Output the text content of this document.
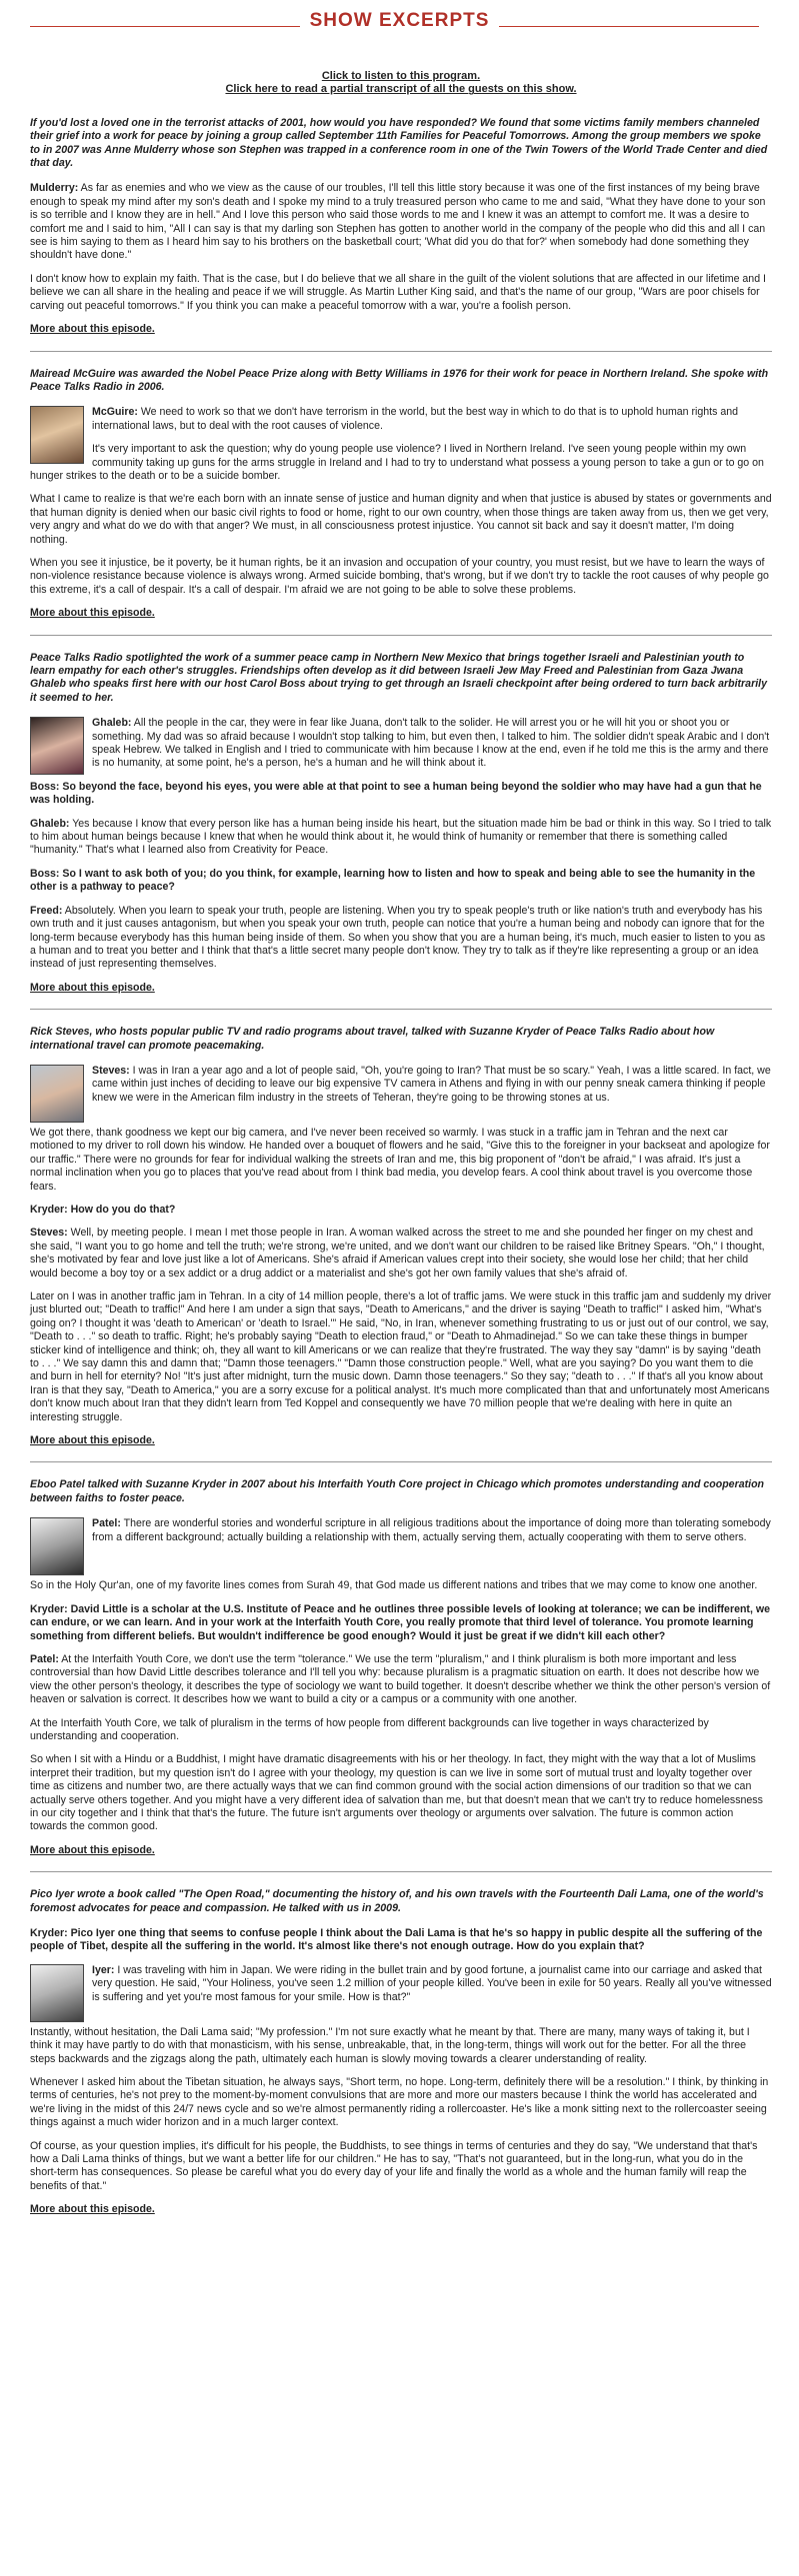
SHOW EXCERPTS
Click to listen to this program.
Click here to read a partial transcript of all the guests on this show.

If you'd lost a loved one in the terrorist attacks of 2001, how would you have responded? We found that some victims family members channeled their grief into a work for peace by joining a group called September 11th Families for Peaceful Tomorrows. Among the group members we spoke to in 2007 was Anne Mulderry whose son Stephen was trapped in a conference room in one of the Twin Towers of the World Trade Center and died that day.

Mulderry: As far as enemies and who we view as the cause of our troubles, I'll tell this little story because it was one of the first instances of my being brave enough to speak my mind after my son's death and I spoke my mind to a truly treasured person who came to me and said, "What they have done to your son is so terrible and I know they are in hell." And I love this person who said those words to me and I knew it was an attempt to comfort me. It was a desire to comfort me and I said to him, "All I can say is that my darling son Stephen has gotten to another world in the company of the people who did this and all I can see is him saying to them as I heard him say to his brothers on the basketball court; 'What did you do that for?' when somebody had done something they shouldn't have done."

I don't know how to explain my faith. That is the case, but I do believe that we all share in the guilt of the violent solutions that are affected in our lifetime and I believe we can all share in the healing and peace if we will struggle. As Martin Luther King said, and that's the name of our group, "Wars are poor chisels for carving out peaceful tomorrows." If you think you can make a peaceful tomorrow with a war, you're a foolish person.

More about this episode.

Mairead McGuire was awarded the Nobel Peace Prize along with Betty Williams in 1976 for their work for peace in Northern Ireland. She spoke with Peace Talks Radio in 2006.

McGuire: We need to work so that we don't have terrorism in the world, but the best way in which to do that is to uphold human rights and international laws, but to deal with the root causes of violence.

It's very important to ask the question; why do young people use violence? I lived in Northern Ireland. I've seen young people within my own community taking up guns for the arms struggle in Ireland and I had to try to understand what possess a young person to take a gun or to go on hunger strikes to the death or to be a suicide bomber.

What I came to realize is that we're each born with an innate sense of justice and human dignity and when that justice is abused by states or governments and that human dignity is denied when our basic civil rights to food or home, right to our own country, when those things are taken away from us, then we get very, very angry and what do we do with that anger? We must, in all consciousness protest injustice. You cannot sit back and say it doesn't matter, I'm doing nothing.

When you see it injustice, be it poverty, be it human rights, be it an invasion and occupation of your country, you must resist, but we have to learn the ways of non-violence resistance because violence is always wrong. Armed suicide bombing, that's wrong, but if we don't try to tackle the root causes of why people go this extreme, it's a call of despair. It's a call of despair. I'm afraid we are not going to be able to solve these problems.

More about this episode.

Peace Talks Radio spotlighted the work of a summer peace camp in Northern New Mexico that brings together Israeli and Palestinian youth to learn empathy for each other's struggles. Friendships often develop as it did between Israeli Jew May Freed and Palestinian from Gaza Jwana Ghaleb who speaks first here with our host Carol Boss about trying to get through an Israeli checkpoint after being ordered to turn back arbitrarily it seemed to her.

Ghaleb: All the people in the car, they were in fear like Juana, don't talk to the solider. He will arrest you or he will hit you or shoot you or something. My dad was so afraid because I wouldn't stop talking to him, but even then, I talked to him. The soldier didn't speak Arabic and I don't speak Hebrew. We talked in English and I tried to communicate with him because I know at the end, even if he told me this is the army and there is no humanity, at some point, he's a person, he's a human and he will think about it.

Boss: So beyond the face, beyond his eyes, you were able at that point to see a human being beyond the soldier who may have had a gun that he was holding.

Ghaleb: Yes because I know that every person like has a human being inside his heart, but the situation made him be bad or think in this way. So I tried to talk to him about human beings because I knew that when he would think about it, he would think of humanity or remember that there is something called "humanity." That's what I learned also from Creativity for Peace.

Boss: So I want to ask both of you; do you think, for example, learning how to listen and how to speak and being able to see the humanity in the other is a pathway to peace?

Freed: Absolutely. When you learn to speak your truth, people are listening. When you try to speak people's truth or like nation's truth and everybody has his own truth and it just causes antagonism, but when you speak your own truth, people can notice that you're a human being and nobody can ignore that for the long-term because everybody has this human being inside of them. So when you show that you are a human being, it's much, much easier to listen to you as a human and to treat you better and I think that that's a little secret many people don't know. They try to talk as if they're like representing a group or an idea instead of just representing themselves.

More about this episode.

Rick Steves, who hosts popular public TV and radio programs about travel, talked with Suzanne Kryder of Peace Talks Radio about how international travel can promote peacemaking.

Steves: I was in Iran a year ago and a lot of people said, "Oh, you're going to Iran? That must be so scary." Yeah, I was a little scared. In fact, we came within just inches of deciding to leave our big expensive TV camera in Athens and flying in with our penny sneak camera thinking if people knew we were in the American film industry in the streets of Teheran, they're going to be throwing stones at us.

We got there, thank goodness we kept our big camera, and I've never been received so warmly. I was stuck in a traffic jam in Tehran and the next car motioned to my driver to roll down his window. He handed over a bouquet of flowers and he said, "Give this to the foreigner in your backseat and apologize for our traffic." There were no grounds for fear for individual walking the streets of Iran and me, this big proponent of "don't be afraid," I was afraid. It's just a normal inclination when you go to places that you've read about from I think bad media, you develop fears. A cool think about travel is you overcome those fears.

Kryder: How do you do that?

Steves: Well, by meeting people. I mean I met those people in Iran. A woman walked across the street to me and she pounded her finger on my chest and she said, "I want you to go home and tell the truth; we're strong, we're united, and we don't want our children to be raised like Britney Spears. "Oh," I thought, she's motivated by fear and love just like a lot of Americans. She's afraid if American values crept into their society, she would lose her child; that her child would become a boy toy or a sex addict or a drug addict or a materialist and she's got her own family values that she's afraid of.

Later on I was in another traffic jam in Tehran. In a city of 14 million people, there's a lot of traffic jams. We were stuck in this traffic jam and suddenly my driver just blurted out; "Death to traffic!" And here I am under a sign that says, "Death to Americans," and the driver is saying "Death to traffic!" I asked him, "What's going on? I thought it was 'death to American' or 'death to Israel.'" He said, "No, in Iran, whenever something frustrating to us or just out of our control, we say, "Death to . . ." so death to traffic. Right; he's probably saying "Death to election fraud," or "Death to Ahmadinejad." So we can take these things in bumper sticker kind of intelligence and think; oh, they all want to kill Americans or we can realize that they're frustrated. The way they say "damn" is by saying "death to . . ." We say damn this and damn that; "Damn those teenagers." "Damn those construction people." Well, what are you saying? Do you want them to die and burn in hell for eternity? No! "It's just after midnight, turn the music down. Damn those teenagers." So they say; "death to . . ." If that's all you know about Iran is that they say, "Death to America," you are a sorry excuse for a political analyst. It's much more complicated than that and unfortunately most Americans don't know much about Iran that they didn't learn from Ted Koppel and consequently we have 70 million people that we're dealing with here in quite an interesting struggle.

More about this episode.

Eboo Patel talked with Suzanne Kryder in 2007 about his Interfaith Youth Core project in Chicago which promotes understanding and cooperation between faiths to foster peace.

Patel: There are wonderful stories and wonderful scripture in all religious traditions about the importance of doing more than tolerating somebody from a different background; actually building a relationship with them, actually serving them, actually cooperating with them to serve others.

So in the Holy Qur'an, one of my favorite lines comes from Surah 49, that God made us different nations and tribes that we may come to know one another.

Kryder: David Little is a scholar at the U.S. Institute of Peace and he outlines three possible levels of looking at tolerance; we can be indifferent, we can endure, or we can learn. And in your work at the Interfaith Youth Core, you really promote that third level of tolerance. You promote learning something from different beliefs. But wouldn't indifference be good enough? Would it just be great if we didn't kill each other?

Patel: At the Interfaith Youth Core, we don't use the term "tolerance." We use the term "pluralism," and I think pluralism is both more important and less controversial than how David Little describes tolerance and I'll tell you why: because pluralism is a pragmatic situation on earth. It does not describe how we view the other person's theology, it describes the type of sociology we want to build together. It doesn't describe whether we think the other person's version of heaven or salvation is correct. It describes how we want to build a city or a campus or a community with one another.

At the Interfaith Youth Core, we talk of pluralism in the terms of how people from different backgrounds can live together in ways characterized by understanding and cooperation.

So when I sit with a Hindu or a Buddhist, I might have dramatic disagreements with his or her theology. In fact, they might with the way that a lot of Muslims interpret their tradition, but my question isn't do I agree with your theology, my question is can we live in some sort of mutual trust and loyalty together over time as citizens and number two, are there actually ways that we can find common ground with the social action dimensions of our tradition so that we can actually serve others together. And you might have a very different idea of salvation than me, but that doesn't mean that we can't try to reduce homelessness in our city together and I think that that's the future. The future isn't arguments over theology or arguments over salvation. The future is common action towards the common good.

More about this episode.

Pico Iyer wrote a book called "The Open Road," documenting the history of, and his own travels with the Fourteenth Dali Lama, one of the world's foremost advocates for peace and compassion. He talked with us in 2009.

Kryder: Pico Iyer one thing that seems to confuse people I think about the Dali Lama is that he's so happy in public despite all the suffering of the people of Tibet, despite all the suffering in the world. It's almost like there's not enough outrage. How do you explain that?

Iyer: I was traveling with him in Japan. We were riding in the bullet train and by good fortune, a journalist came into our carriage and asked that very question. He said, "Your Holiness, you've seen 1.2 million of your people killed. You've been in exile for 50 years. Really all you've witnessed is suffering and yet you're most famous for your smile. How is that?"

Instantly, without hesitation, the Dali Lama said; "My profession." I'm not sure exactly what he meant by that. There are many, many ways of taking it, but I think it may have partly to do with that monasticism, with his sense, unbreakable, that, in the long-term, things will work out for the better. For all the three steps backwards and the zigzags along the path, ultimately each human is slowly moving towards a clearer understanding of reality.

Whenever I asked him about the Tibetan situation, he always says, "Short term, no hope. Long-term, definitely there will be a resolution." I think, by thinking in terms of centuries, he's not prey to the moment-by-moment convulsions that are more and more our masters because I think the world has accelerated and we're living in the midst of this 24/7 news cycle and so we're almost permanently riding a rollercoaster. He's like a monk sitting next to the rollercoaster seeing things against a much wider horizon and in a much larger context.

Of course, as your question implies, it's difficult for his people, the Buddhists, to see things in terms of centuries and they do say, "We understand that that's how a Dali Lama thinks of things, but we want a better life for our children." He has to say, "That's not guaranteed, but in the long-run, what you do in the short-term has consequences. So please be careful what you do every day of your life and finally the world as a whole and the human family will reap the benefits of that."

More about this episode.
